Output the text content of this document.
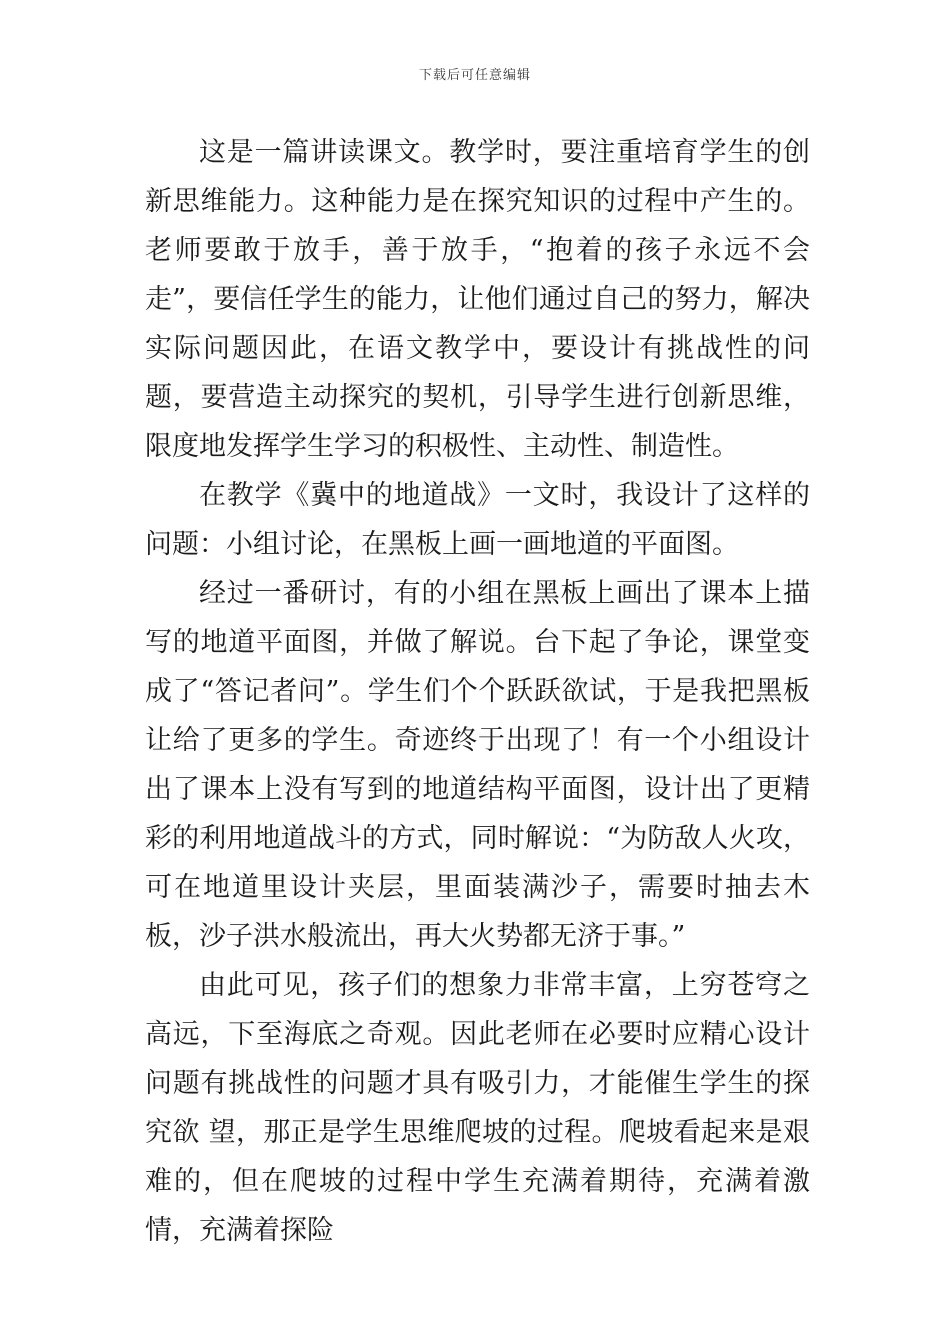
下载后可任意编辑

这是一篇讲读课文。教学时，要注重培育学生的创新思维能力。这种能力是在探究知识的过程中产生的。老师要敢于放手，善于放手，“抱着的孩子永远不会走”，要信任学生的能力，让他们通过自己的努力，解决实际问题因此，在语文教学中，要设计有挑战性的问题，要营造主动探究的契机，引导学生进行创新思维，限度地发挥学生学习的积极性、主动性、制造性。

在教学《冀中的地道战》一文时，我设计了这样的问题：小组讨论，在黑板上画一画地道的平面图。

经过一番研讨，有的小组在黑板上画出了课本上描写的地道平面图，并做了解说。台下起了争论，课堂变成了“答记者问”。学生们个个跃跃欲试，于是我把黑板让给了更多的学生。奇迹终于出现了！有一个小组设计出了课本上没有写到的地道结构平面图，设计出了更精彩的利用地道战斗的方式，同时解说：“为防敌人火攻，可在地道里设计夹层，里面装满沙子，需要时抽去木板，沙子洪水般流出，再大火势都无济于事。”

由此可见，孩子们的想象力非常丰富，上穷苍穹之高远，下至海底之奇观。因此老师在必要时应精心设计问题有挑战性的问题才具有吸引力，才能催生学生的探究欲 望，那正是学生思维爬坡的过程。爬坡看起来是艰难的，但在爬坡的过程中学生充满着期待，充满着激情，充满着探险
